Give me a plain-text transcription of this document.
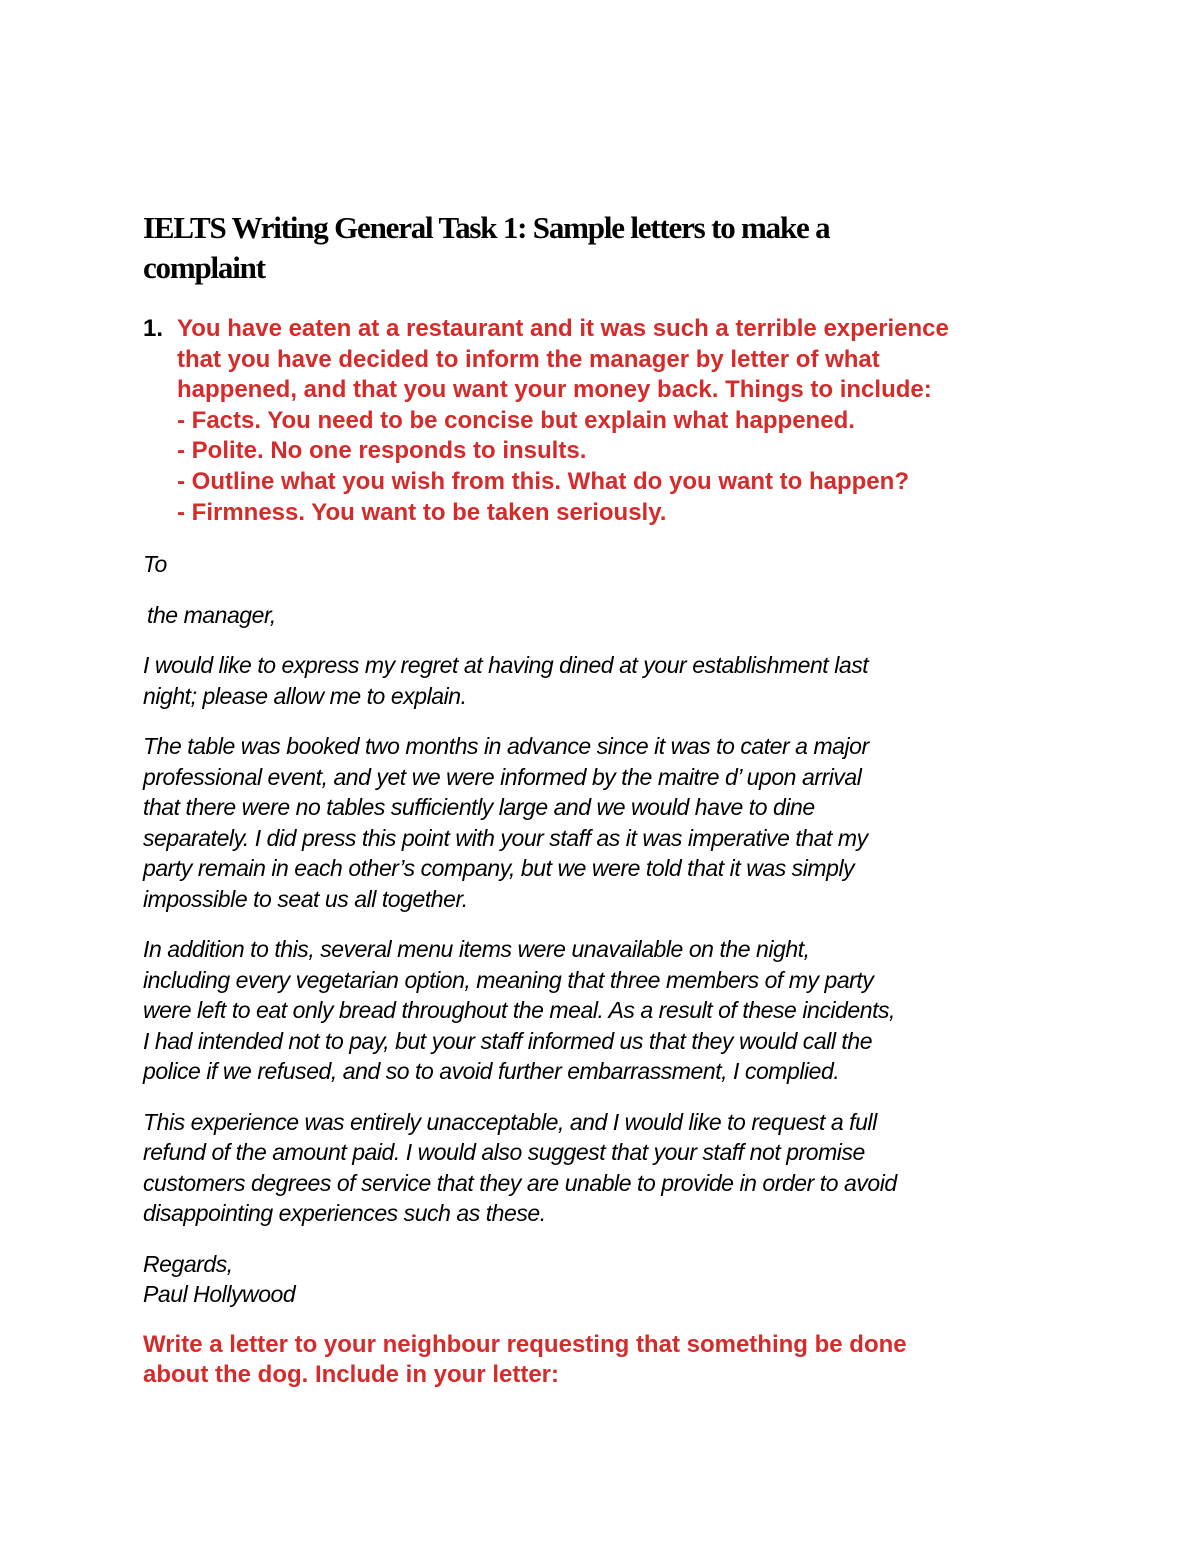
IELTS Writing General Task 1: Sample letters to make a
complaint
1. You have eaten at a restaurant and it was such a terrible experience
that you have decided to inform the manager by letter of what
happened, and that you want your money back. Things to include:
- Facts. You need to be concise but explain what happened.
- Polite. No one responds to insults.
- Outline what you wish from this. What do you want to happen?
- Firmness. You want to be taken seriously.
To
the manager,
I would like to express my regret at having dined at your establishment last
night; please allow me to explain.
The table was booked two months in advance since it was to cater a major
professional event, and yet we were informed by the maitre d’ upon arrival
that there were no tables sufficiently large and we would have to dine
separately. I did press this point with your staff as it was imperative that my
party remain in each other’s company, but we were told that it was simply
impossible to seat us all together.
In addition to this, several menu items were unavailable on the night,
including every vegetarian option, meaning that three members of my party
were left to eat only bread throughout the meal. As a result of these incidents,
I had intended not to pay, but your staff informed us that they would call the
police if we refused, and so to avoid further embarrassment, I complied.
This experience was entirely unacceptable, and I would like to request a full
refund of the amount paid. I would also suggest that your staff not promise
customers degrees of service that they are unable to provide in order to avoid
disappointing experiences such as these.
Regards,
Paul Hollywood
Write a letter to your neighbour requesting that something be done
about the dog. Include in your letter:
